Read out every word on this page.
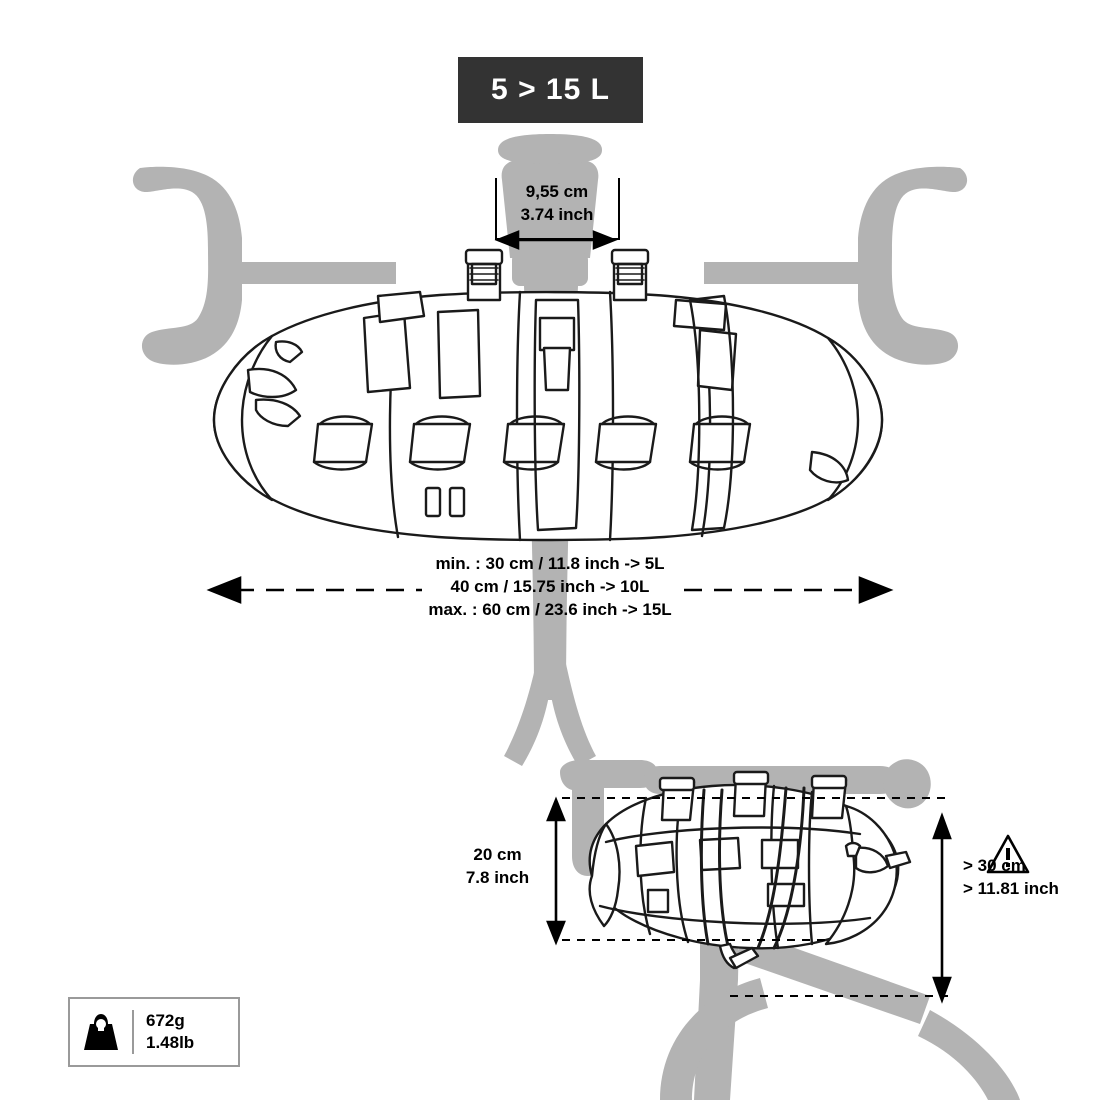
5 > 15 L
9,55 cm
3.74 inch
min. : 30 cm / 11.8 inch -> 5L
40 cm / 15.75 inch -> 10L
max. : 60 cm / 23.6 inch -> 15L
20 cm
7.8 inch
> 30 cm
> 11.81 inch
672g
1.48lb
